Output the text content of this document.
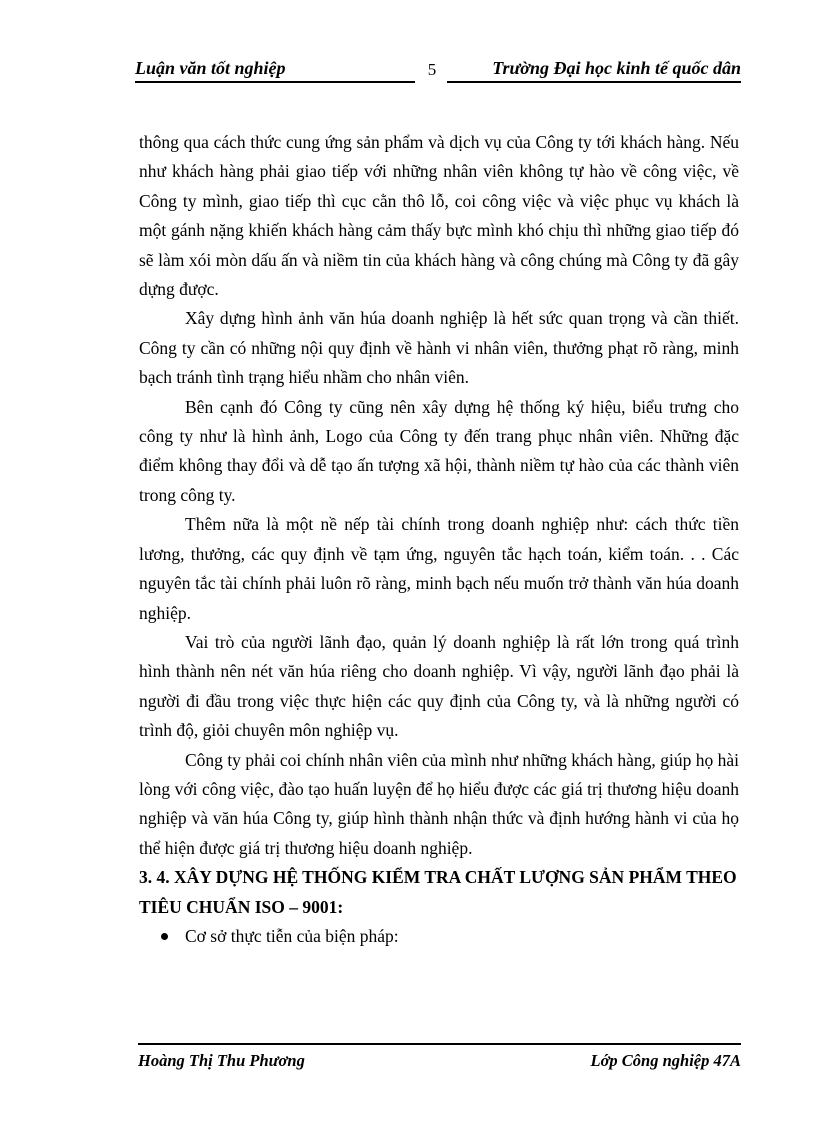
Luận văn tốt nghiệp	5	Trường Đại học kinh tế quốc dân

thông qua cách thức cung ứng sản phẩm và dịch vụ của Công ty tới khách hàng. Nếu như khách hàng phải giao tiếp với những nhân viên không tự hào về công việc, về Công ty mình, giao tiếp thì cục cằn thô lỗ, coi công việc và việc phục vụ khách là một gánh nặng khiến khách hàng cảm thấy bực mình khó chịu thì những giao tiếp đó sẽ làm xói mòn dấu ấn và niềm tin của khách hàng và công chúng mà Công ty đã gây dựng được.

Xây dựng hình ảnh văn húa doanh nghiệp là hết sức quan trọng và cần thiết. Công ty cần có những nội quy định về hành vi nhân viên, thưởng phạt rõ ràng, minh bạch tránh tình trạng hiểu nhầm cho nhân viên.

Bên cạnh đó Công ty cũng nên xây dựng hệ thống ký hiệu, biểu trưng cho công ty như là hình ảnh, Logo của Công ty đến trang phục nhân viên. Những đặc điểm không thay đổi và dễ tạo ấn tượng xã hội, thành niềm tự hào của các thành viên trong công ty.

Thêm nữa là một nề nếp tài chính trong doanh nghiệp như: cách thức tiền lương, thưởng, các quy định về tạm ứng, nguyên tắc hạch toán, kiểm toán. . . Các nguyên tắc tài chính phải luôn rõ ràng, minh bạch nếu muốn trở thành văn húa doanh nghiệp.

Vai trò của người lãnh đạo, quản lý doanh nghiệp là rất lớn trong quá trình hình thành nên nét văn húa riêng cho doanh nghiệp. Vì vậy, người lãnh đạo phải là người đi đầu trong việc thực hiện các quy định của Công ty, và là những người có trình độ, giỏi chuyên môn nghiệp vụ.

Công ty phải coi chính nhân viên của mình như những khách hàng, giúp họ hài lòng với công việc, đào tạo huấn luyện để họ hiểu được các giá trị thương hiệu doanh nghiệp và văn húa Công ty, giúp hình thành nhận thức và định hướng hành vi của họ thể hiện được giá trị thương hiệu doanh nghiệp.

3. 4. XÂY DỰNG HỆ THỐNG KIỂM TRA CHẤT LƯỢNG SẢN PHẨM THEO TIÊU CHUẨN ISO – 9001:

Cơ sở thực tiễn của biện pháp:

Hoàng Thị Thu Phương	Lớp Công nghiệp 47A
